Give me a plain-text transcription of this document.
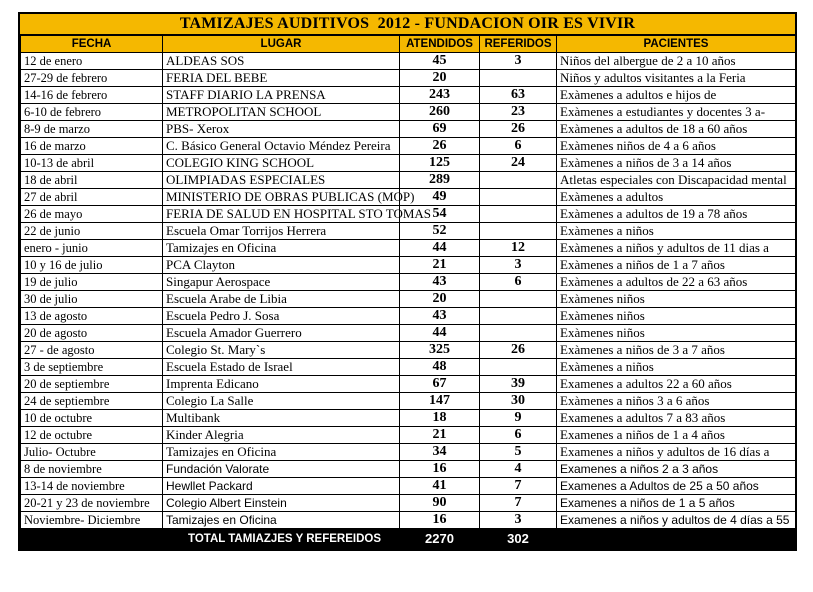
TAMIZAJES AUDITIVOS  2012 - FUNDACION OIR ES VIVIR
FECHA	LUGAR	ATENDIDOS	REFERIDOS	PACIENTES
12 de enero	ALDEAS SOS	45	3	Niños del albergue de 2 a 10 años
27-29 de febrero	FERIA DEL BEBE	20		Niños y adultos visitantes a la Feria
14-16 de febrero	STAFF DIARIO LA PRENSA	243	63	Exàmenes a adultos e hijos de
6-10 de febrero	METROPOLITAN SCHOOL	260	23	Exàmenes a estudiantes y docentes 3 a-
8-9 de marzo	PBS- Xerox	69	26	Exàmenes a adultos de 18 a 60 años
16 de marzo	C. Básico General Octavio Méndez Pereira	26	6	Exàmenes niños de 4 a 6 años
10-13 de abril	COLEGIO KING SCHOOL	125	24	Exàmenes a niños de 3 a 14 años
18 de abril	OLIMPIADAS ESPECIALES	289		Atletas especiales con Discapacidad mental
27 de abril	MINISTERIO DE OBRAS PUBLICAS (MOP)	49		Exàmenes a adultos
26 de mayo	FERIA DE SALUD EN HOSPITAL STO TOMAS	54		Exàmenes a adultos de 19 a 78 años
22 de junio	Escuela Omar Torrijos Herrera	52		Exàmenes a niños
enero - junio	Tamizajes en Oficina	44	12	Exàmenes a niños y adultos de 11 dias a
10 y 16 de julio	PCA Clayton	21	3	Exàmenes a niños de 1 a 7 años
19 de julio	Singapur Aerospace	43	6	Exàmenes a adultos de 22 a 63 años
30 de julio	Escuela Arabe de Libia	20		Exàmenes niños
13 de agosto	Escuela Pedro J. Sosa	43		Exàmenes niños
20 de agosto	Escuela Amador Guerrero	44		Exàmenes niños
27 - de agosto	Colegio St. Mary`s	325	26	Exàmenes a niños de 3 a 7 años
3 de septiembre	Escuela Estado de Israel	48		Exàmenes a niños
20 de septiembre	Imprenta Edicano	67	39	Examenes a adultos 22 a 60 años
24 de septiembre	Colegio La Salle	147	30	Exàmenes a niños 3 a 6 años
10 de octubre	Multibank	18	9	Examenes a adultos 7 a 83 años
12 de octubre	Kinder Alegria	21	6	Examenes a niños de 1 a 4 años
Julio- Octubre	Tamizajes en Oficina	34	5	Examenes a niños y adultos de 16 días a
8 de noviembre	Fundación Valorate	16	4	Examenes a niños 2 a 3 años
13-14 de noviembre	Hewllet Packard	41	7	Examenes a Adultos de 25 a 50 años
20-21 y 23 de noviembre	Colegio Albert Einstein	90	7	Examenes a niños de 1 a 5 años
Noviembre- Diciembre	Tamizajes en Oficina	16	3	Examenes a niños y adultos de 4 días a 55
TOTAL TAMIAZJES Y REFEREIDOS		2270	302	
